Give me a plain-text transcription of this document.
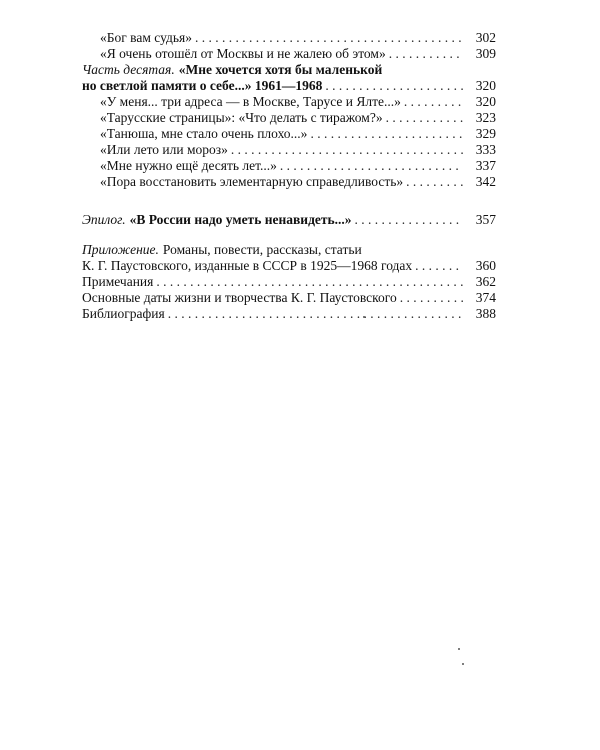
«Бог вам судья» . . .	302
«Я очень отошёл от Москвы и не жалею об этом» . . .	309
Часть десятая. «Мне хочется хотя бы маленькой
но светлой памяти о себе...» 1961—1968 . . .	320
«У меня... три адреса — в Москве, Тарусе и Ялте...» . . .	320
«Тарусские страницы»: «Что делать с тиражом?» . . .	323
«Танюша, мне стало очень плохо...» . . .	329
«Или лето или мороз» . . .	333
«Мне нужно ещё десять лет...» . . .	337
«Пора восстановить элементарную справедливость» . . .	342
Эпилог. «В России надо уметь ненавидеть...» . . .	357
Приложение. Романы, повести, рассказы, статьи
К. Г. Паустовского, изданные в СССР в 1925—1968 годах . . .	360
Примечания . . .	362
Основные даты жизни и творчества К. Г. Паустовского . . .	374
Библиография . . .	388
